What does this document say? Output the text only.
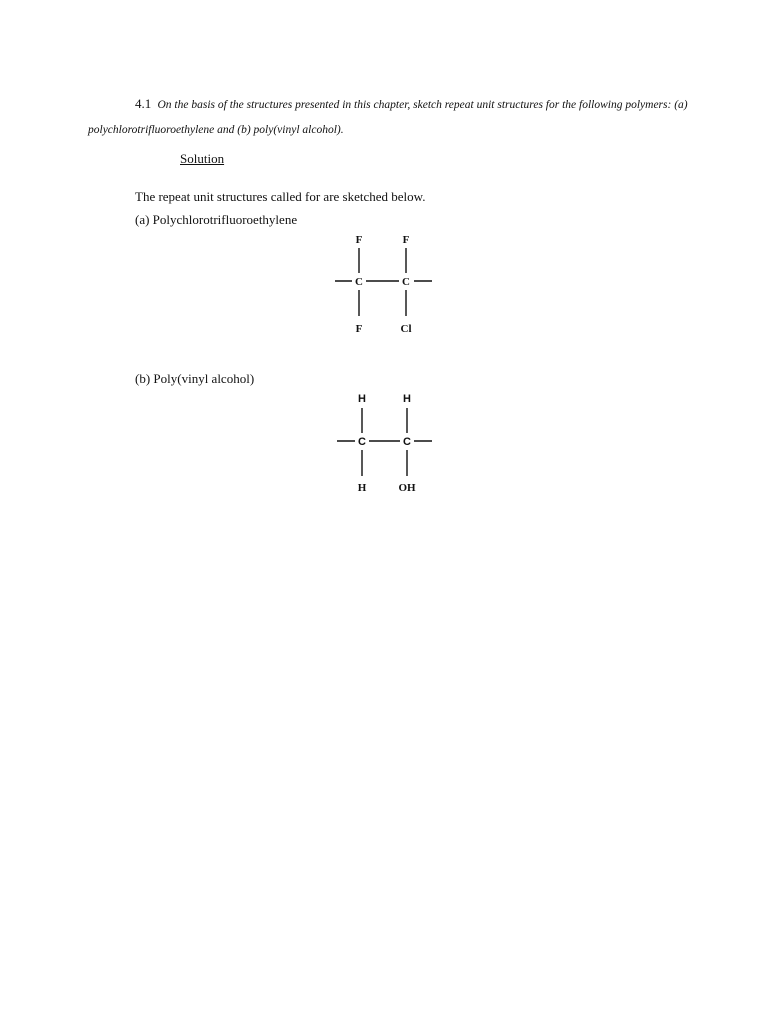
4.1 On the basis of the structures presented in this chapter, sketch repeat unit structures for the following polymers: (a) polychlorotrifluoroethylene and (b) poly(vinyl alcohol).
Solution
The repeat unit structures called for are sketched below.
(a) Polychlorotrifluoroethylene
F	F
C	C
F	Cl
(b) Poly(vinyl alcohol)
H	H
C	C
H	OH
